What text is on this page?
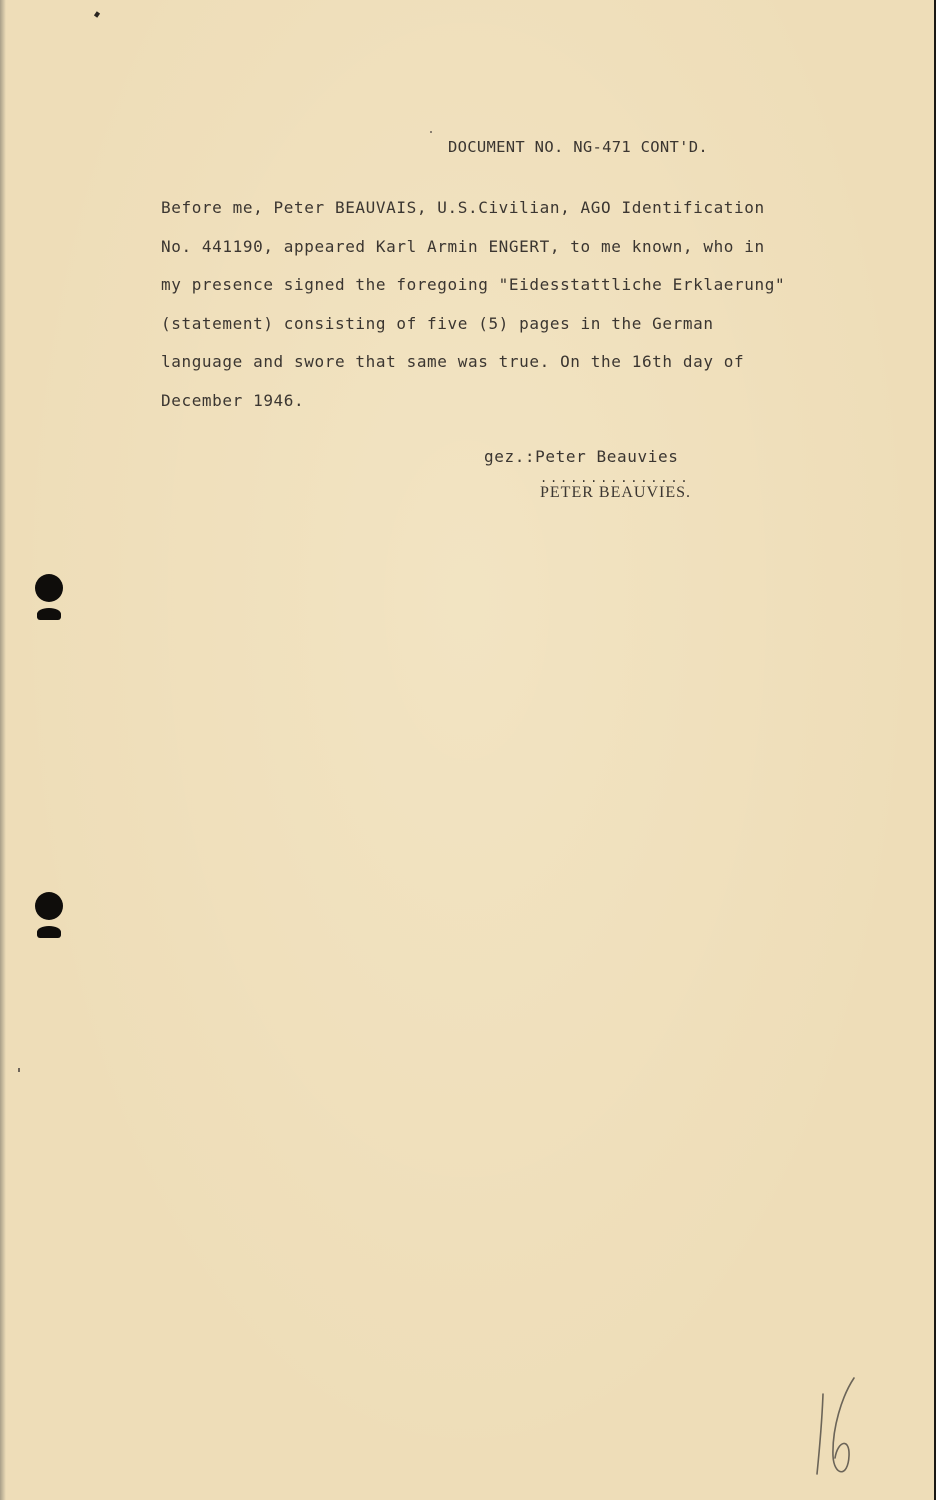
DOCUMENT NO. NG-471 CONT'D.
Before me, Peter BEAUVAIS, U.S.Civilian, AGO Identification
No. 441190, appeared Karl Armin ENGERT, to me known, who in
my presence signed the foregoing "Eidesstattliche Erklaerung"
(statement) consisting of five (5) pages in the German
language and swore that same was true. On the 16th day of
December 1946.
gez.:Peter Beauvies
...............
PETER BEAUVIES.
